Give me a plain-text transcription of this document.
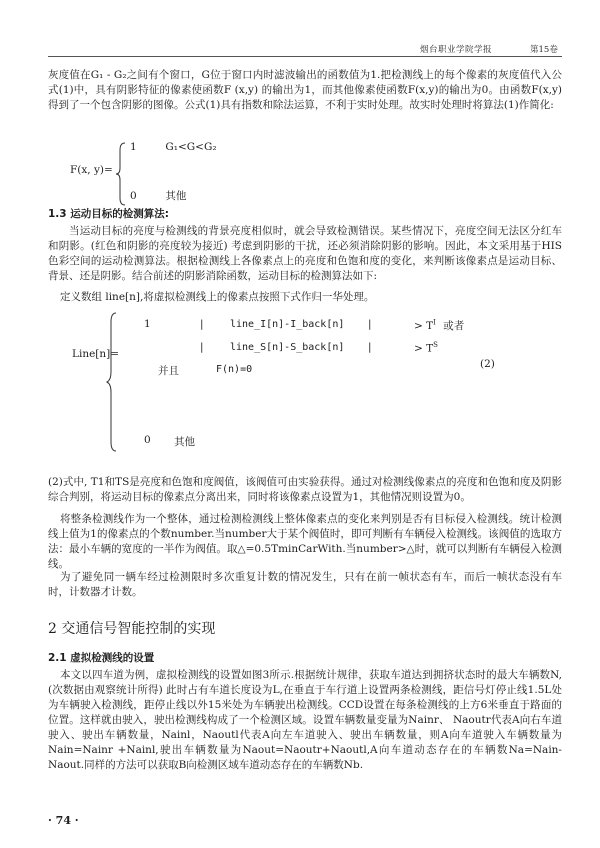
烟台职业学院学报	第15卷

灰度值在G₁ - G₂之间有个窗口，G位于窗口内时滤波输出的函数值为1.把检测线上的每个像素的灰度值代入公式(1)中，具有阴影特征的像素使函数F (x,y) 的输出为1，而其他像素使函数F(x,y)的输出为0。由函数F(x,y)得到了一个包含阴影的图像。公式(1)具有指数和除法运算，不利于实时处理。故实时处理时将算法(1)作简化:

F(x, y)=
1	G₁<G<G₂
0	其他
1.3 运动目标的检测算法:

当运动目标的亮度与检测线的背景亮度相似时，就会导致检测错误。某些情况下，亮度空间无法区分红车和阴影。(红色和阴影的亮度较为接近) 考虑到阴影的干扰，还必须消除阴影的影响。因此，本文采用基于HIS色彩空间的运动检测算法。根据检测线上各像素点上的亮度和色饱和度的变化，来判断该像素点是运动目标、背景、还是阴影。结合前述的阴影消除函数，运动目标的检测算法如下:

定义数组 line[n],将虚拟检测线上的像素点按照下式作归一华处理。

Line[n]=
1	|	line_I[n]-I_back[n] |	> $T^I$ 或者
|	line_S[n]-S_back[n] |	> $T^S$
并且	F(n)=0	(2)
0 其他

(2)式中, T1和TS是亮度和色饱和度阀值，该阀值可由实验获得。通过对检测线像素点的亮度和色饱和度及阴影综合判别，将运动目标的像素点分离出来，同时将该像素点设置为1，其他情况则设置为0。

将整条检测线作为一个整体，通过检测检测线上整体像素点的变化来判别是否有目标侵入检测线。统计检测线上值为1的像素点的个数number.当number大于某个阀值时，即可判断有车辆侵入检测线。该阀值的选取方法：最小车辆的宽度的一半作为阀值。取△=0.5TminCarWith.当number>△时，就可以判断有车辆侵入检测线。

为了避免同一辆车经过检测限时多次重复计数的情况发生，只有在前一帧状态有车，而后一帧状态没有车时，计数器才计数。

2 交通信号智能控制的实现
2.1 虚拟检测线的设置

本文以四车道为例，虚拟检测线的设置如图3所示.根据统计规律，获取车道达到拥挤状态时的最大车辆数N,(次数据由观察统计所得) 此时占有车道长度设为L,在垂直于车行道上设置两条检测线，距信号灯停止线1.5L处为车辆驶入检测线，距停止线以外15米处为车辆驶出检测线。CCD设置在每条检测线的上方6米垂直于路面的位置。这样就由驶入，驶出检测线构成了一个检测区域。设置车辆数量变量为Nainr、 Naoutr代表A向右车道驶入、驶出车辆数量，Nainl，Naoutl代表A向左车道驶入、驶出车辆数量，则A向车道驶入车辆数量为Nain=Nainr +Nainl,驶出车辆数量为Naout=Naoutr+Naoutl,A向车道动态存在的车辆数Na=Nain-Naout.同样的方法可以获取B向检测区域车道动态存在的车辆数Nb.

· 74 ·
